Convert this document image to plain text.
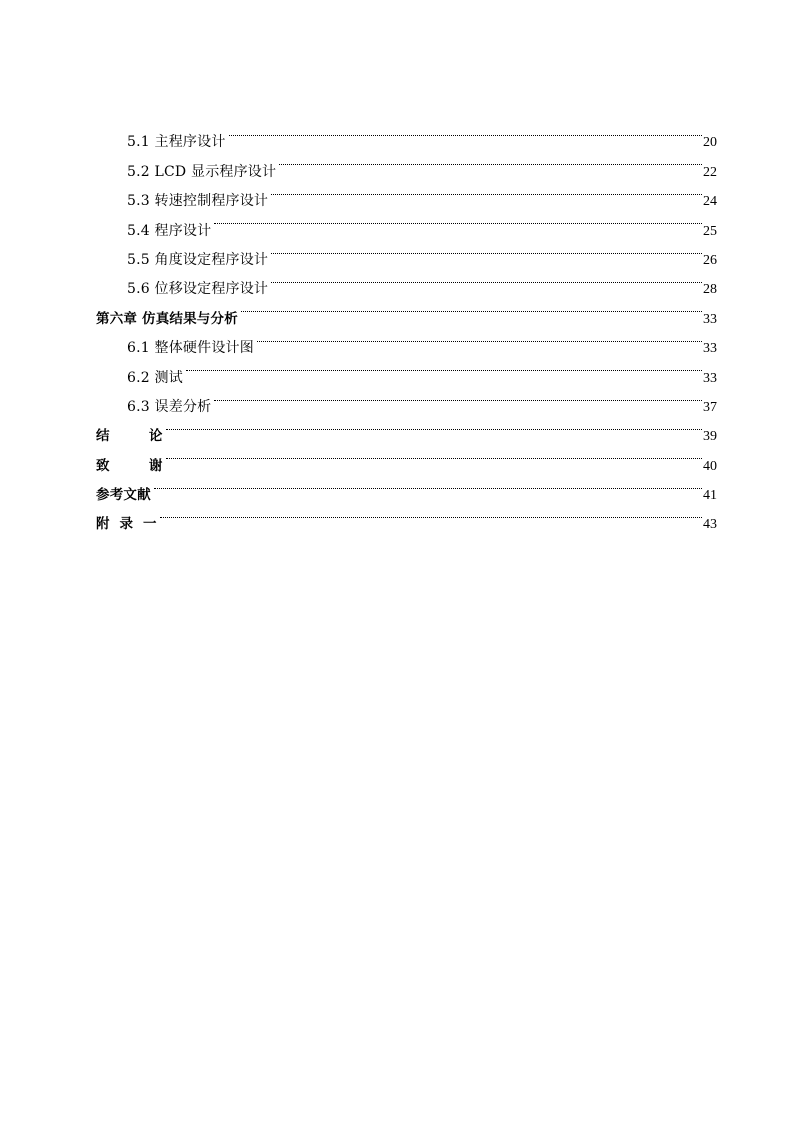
5.1 主程序设计	20
5.2 LCD 显示程序设计	22
5.3 转速控制程序设计	24
5.4 程序设计	25
5.5 角度设定程序设计	26
5.6 位移设定程序设计	28
第六章 仿真结果与分析	33
6.1 整体硬件设计图	33
6.2 测试	33
6.3 误差分析	37
结        论	39
致        谢	40
参考文献	41
附  录  一	43
